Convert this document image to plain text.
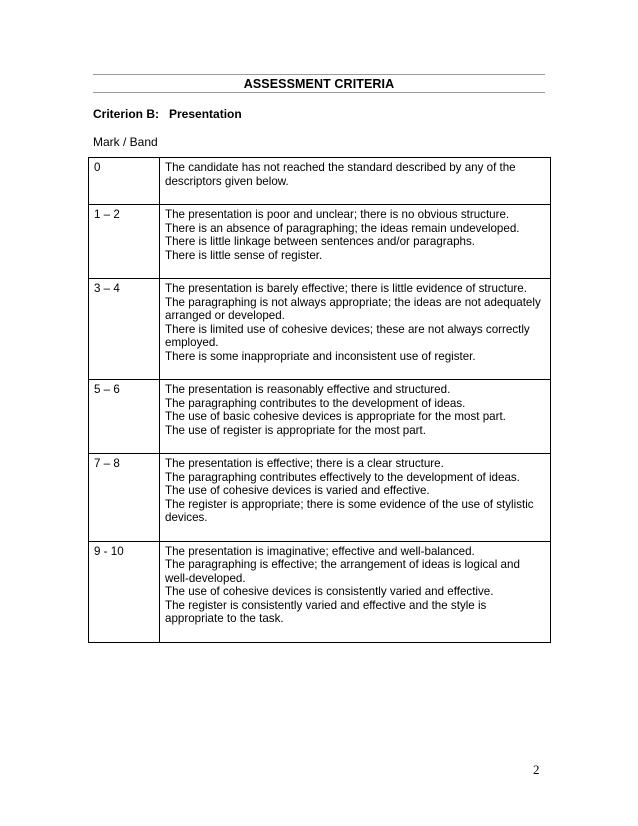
ASSESSMENT CRITERIA
Criterion B: Presentation
Mark / Band
0	The candidate has not reached the standard described by any of the descriptors given below.

1 – 2	The presentation is poor and unclear; there is no obvious structure.
There is an absence of paragraphing; the ideas remain undeveloped.
There is little linkage between sentences and/or paragraphs.
There is little sense of register.

3 – 4	The presentation is barely effective; there is little evidence of structure.
The paragraphing is not always appropriate; the ideas are not adequately arranged or developed.
There is limited use of cohesive devices; these are not always correctly employed.
There is some inappropriate and inconsistent use of register.

5 – 6	The presentation is reasonably effective and structured.
The paragraphing contributes to the development of ideas.
The use of basic cohesive devices is appropriate for the most part.
The use of register is appropriate for the most part.

7 – 8	The presentation is effective; there is a clear structure.
The paragraphing contributes effectively to the development of ideas.
The use of cohesive devices is varied and effective.
The register is appropriate; there is some evidence of the use of stylistic devices.

9 - 10	The presentation is imaginative; effective and well-balanced.
The paragraphing is effective; the arrangement of ideas is logical and well-developed.
The use of cohesive devices is consistently varied and effective.
The register is consistently varied and effective and the style is appropriate to the task.
2
